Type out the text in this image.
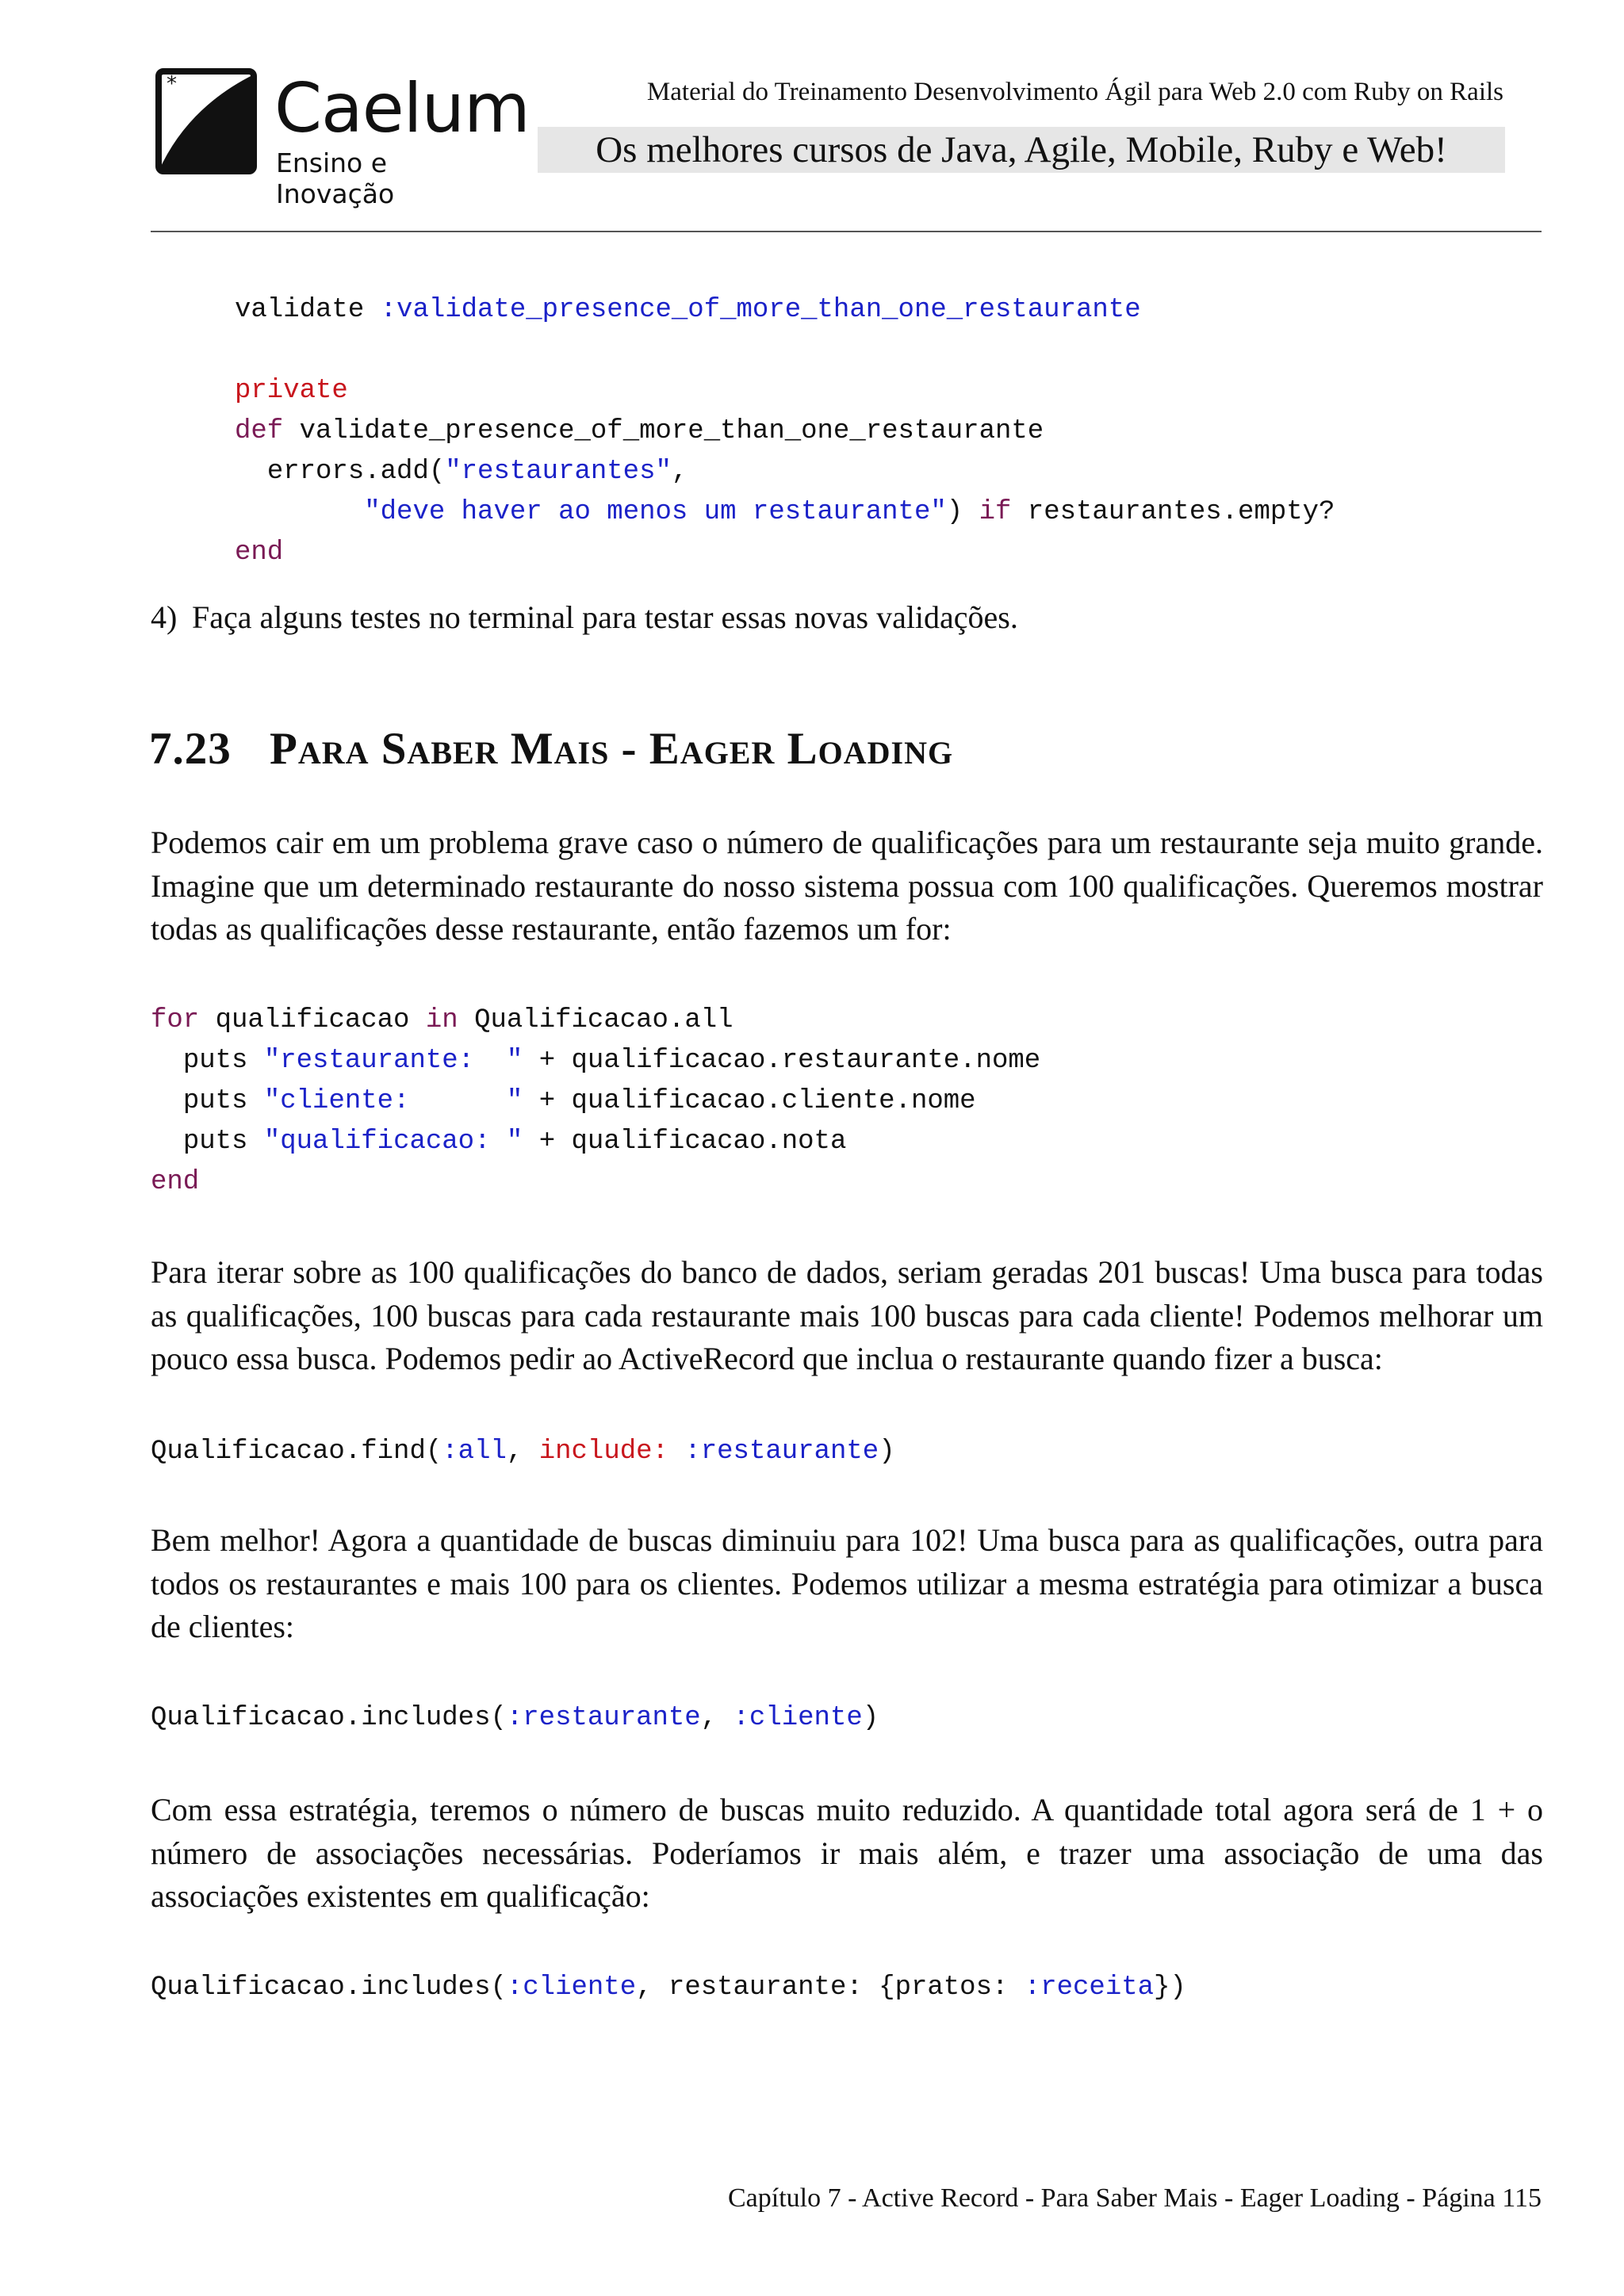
* Caelum
Ensino e Inovação
Material do Treinamento Desenvolvimento Ágil para Web 2.0 com Ruby on Rails
Os melhores cursos de Java, Agile, Mobile, Ruby e Web!
validate :validate_presence_of_more_than_one_restaurante

private
def validate_presence_of_more_than_one_restaurante
errors.add("restaurantes",
"deve haver ao menos um restaurante") if restaurantes.empty?
end
4) Faça alguns testes no terminal para testar essas novas validações.
7.23 Para Saber Mais - Eager Loading
Podemos cair em um problema grave caso o número de qualificações para um restaurante seja muito grande. Imagine que um determinado restaurante do nosso sistema possua com 100 qualificações. Queremos mostrar todas as qualificações desse restaurante, então fazemos um for:
for qualificacao in Qualificacao.all
puts "restaurante:  " + qualificacao.restaurante.nome
puts "cliente:      " + qualificacao.cliente.nome
puts "qualificacao: " + qualificacao.nota
end
Para iterar sobre as 100 qualificações do banco de dados, seriam geradas 201 buscas! Uma busca para todas as qualificações, 100 buscas para cada restaurante mais 100 buscas para cada cliente! Podemos melhorar um pouco essa busca. Podemos pedir ao ActiveRecord que inclua o restaurante quando fizer a busca:
Qualificacao.find(:all, include: :restaurante)
Bem melhor! Agora a quantidade de buscas diminuiu para 102! Uma busca para as qualificações, outra para todos os restaurantes e mais 100 para os clientes. Podemos utilizar a mesma estratégia para otimizar a busca de clientes:
Qualificacao.includes(:restaurante, :cliente)
Com essa estratégia, teremos o número de buscas muito reduzido. A quantidade total agora será de 1 + o número de associações necessárias. Poderíamos ir mais além, e trazer uma associação de uma das associações existentes em qualificação:
Qualificacao.includes(:cliente, restaurante: {pratos: :receita})
Capítulo 7 - Active Record - Para Saber Mais - Eager Loading - Página 115
